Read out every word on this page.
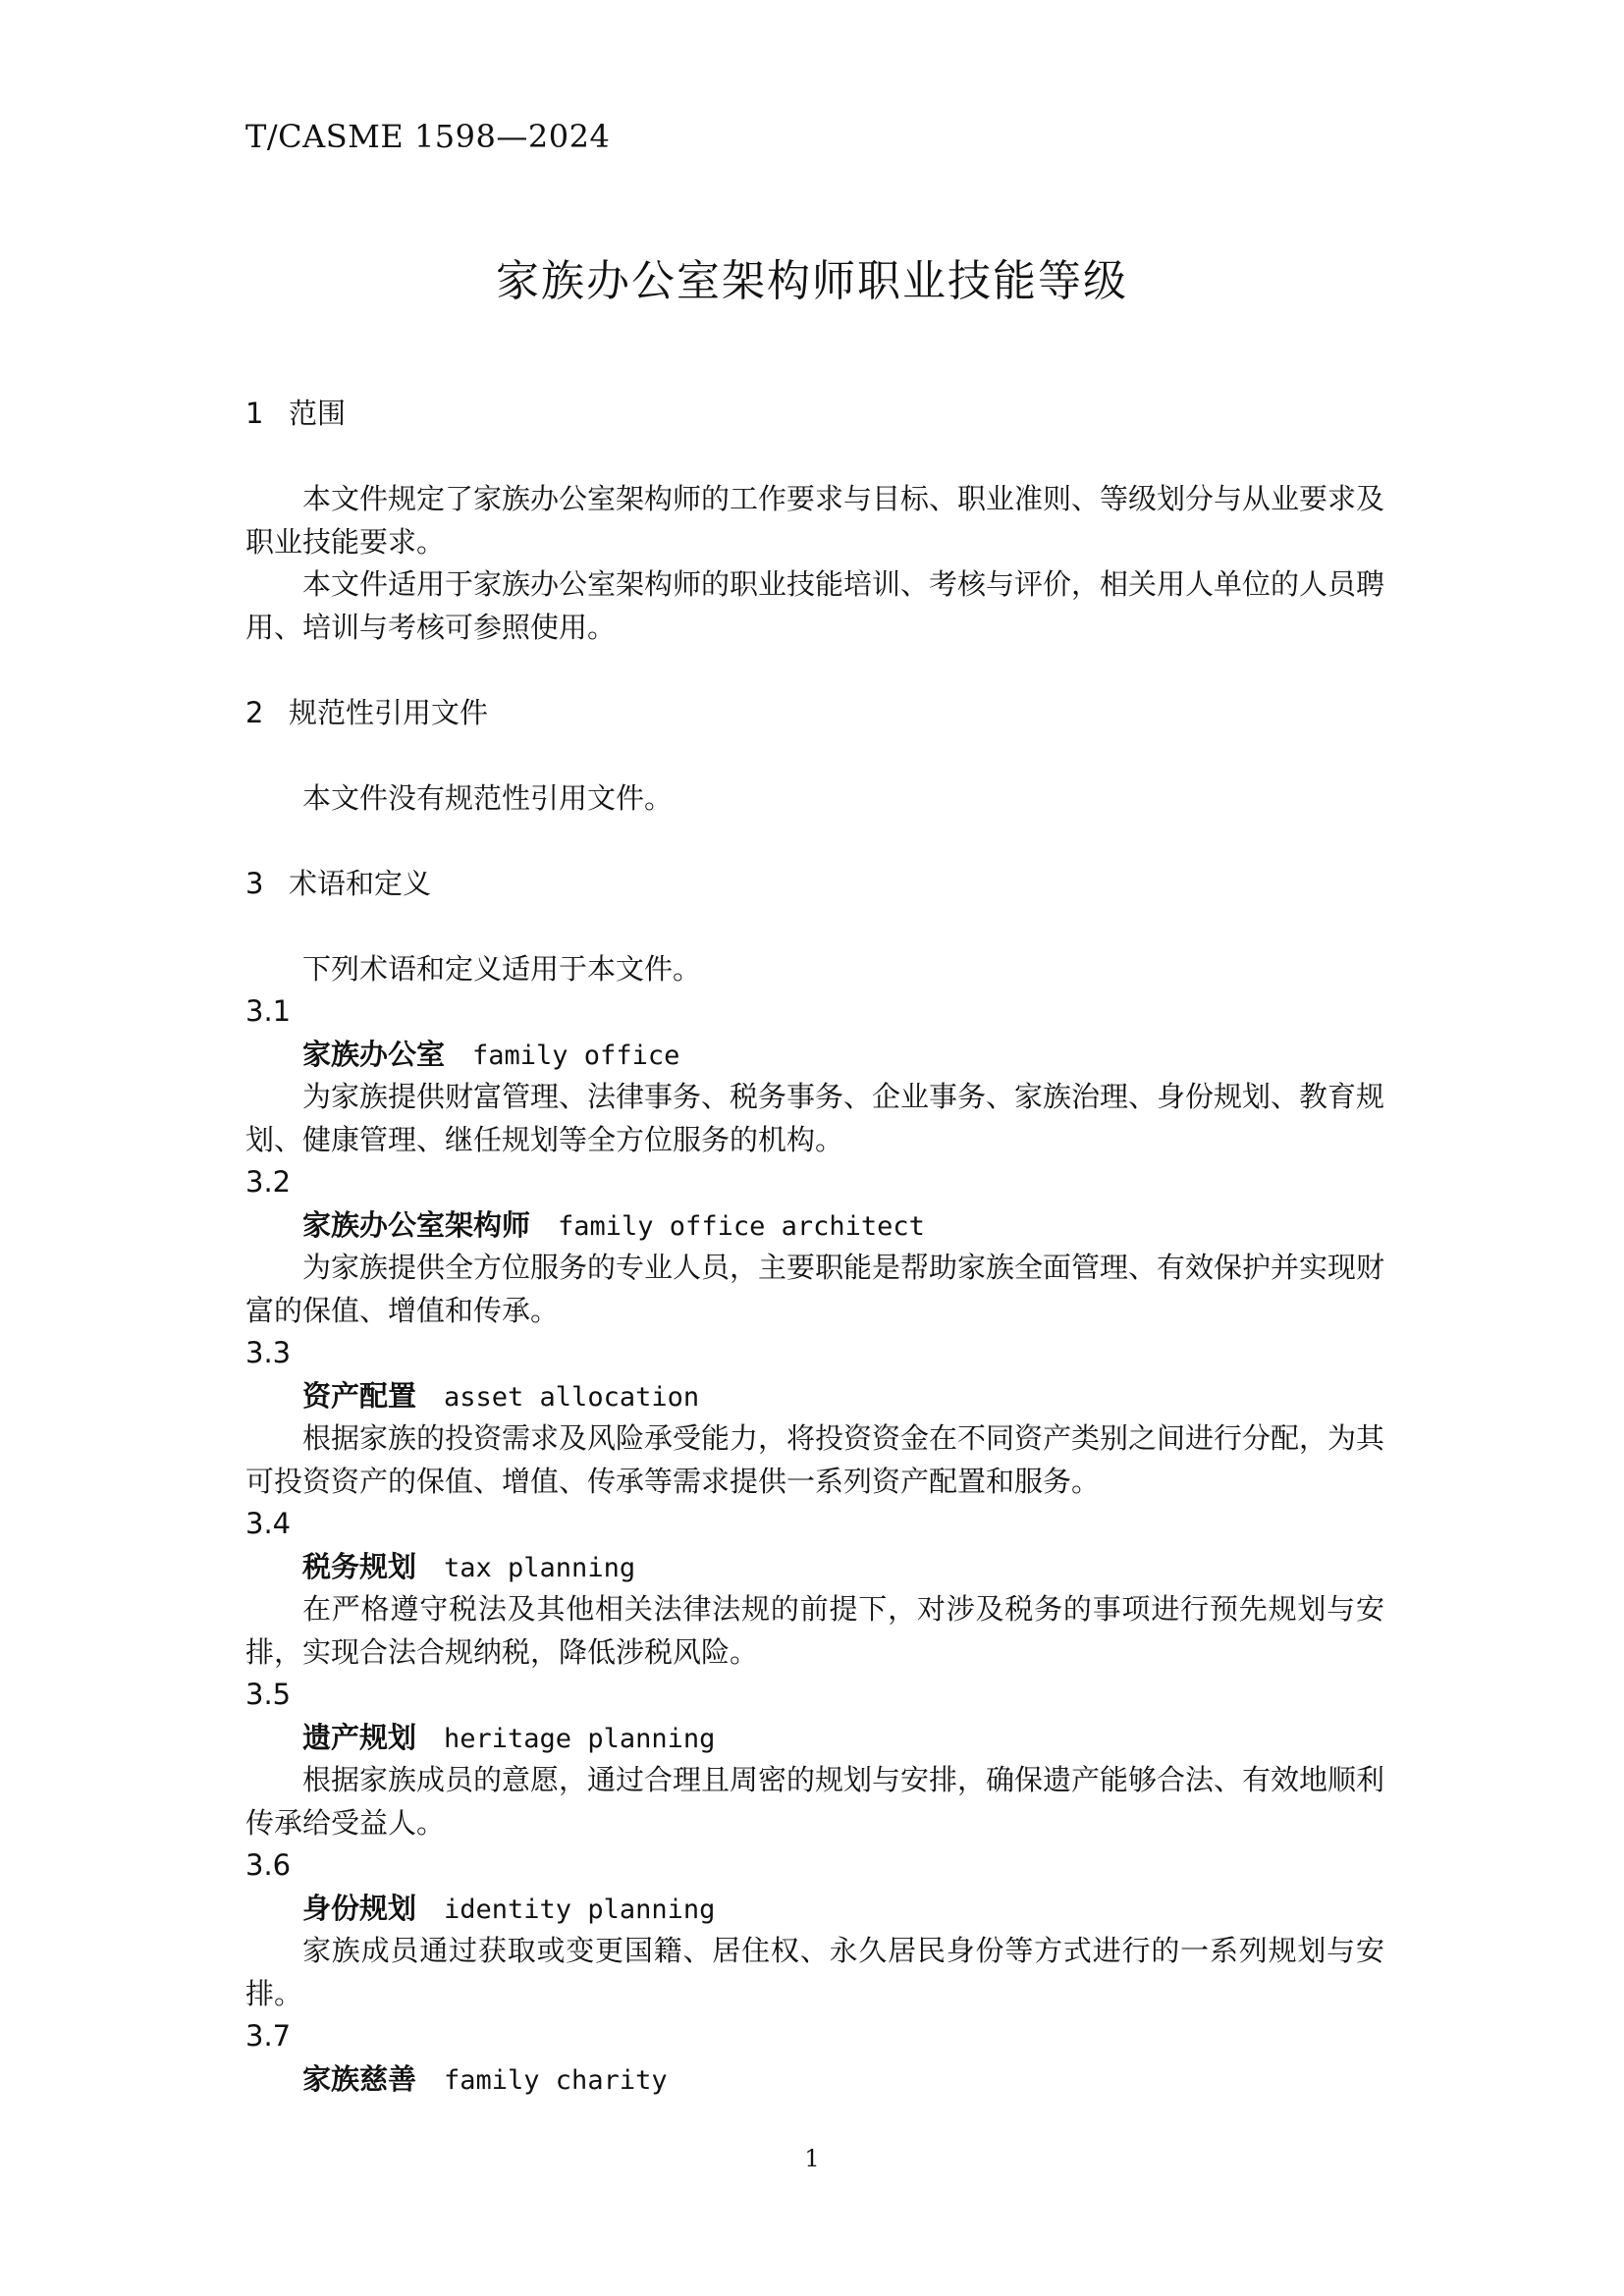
T/CASME 1598—2024
家族办公室架构师职业技能等级
1 范围
本文件规定了家族办公室架构师的工作要求与目标、职业准则、等级划分与从业要求及职业技能要求。
本文件适用于家族办公室架构师的职业技能培训、考核与评价，相关用人单位的人员聘用、培训与考核可参照使用。
2 规范性引用文件
本文件没有规范性引用文件。
3 术语和定义
下列术语和定义适用于本文件。
3.1
家族办公室 family office
为家族提供财富管理、法律事务、税务事务、企业事务、家族治理、身份规划、教育规划、健康管理、继任规划等全方位服务的机构。
3.2
家族办公室架构师 family office architect
为家族提供全方位服务的专业人员，主要职能是帮助家族全面管理、有效保护并实现财富的保值、增值和传承。
3.3
资产配置 asset allocation
根据家族的投资需求及风险承受能力，将投资资金在不同资产类别之间进行分配，为其可投资资产的保值、增值、传承等需求提供一系列资产配置和服务。
3.4
税务规划 tax planning
在严格遵守税法及其他相关法律法规的前提下，对涉及税务的事项进行预先规划与安排，实现合法合规纳税，降低涉税风险。
3.5
遗产规划 heritage planning
根据家族成员的意愿，通过合理且周密的规划与安排，确保遗产能够合法、有效地顺利传承给受益人。
3.6
身份规划 identity planning
家族成员通过获取或变更国籍、居住权、永久居民身份等方式进行的一系列规划与安排。
3.7
家族慈善 family charity
1
